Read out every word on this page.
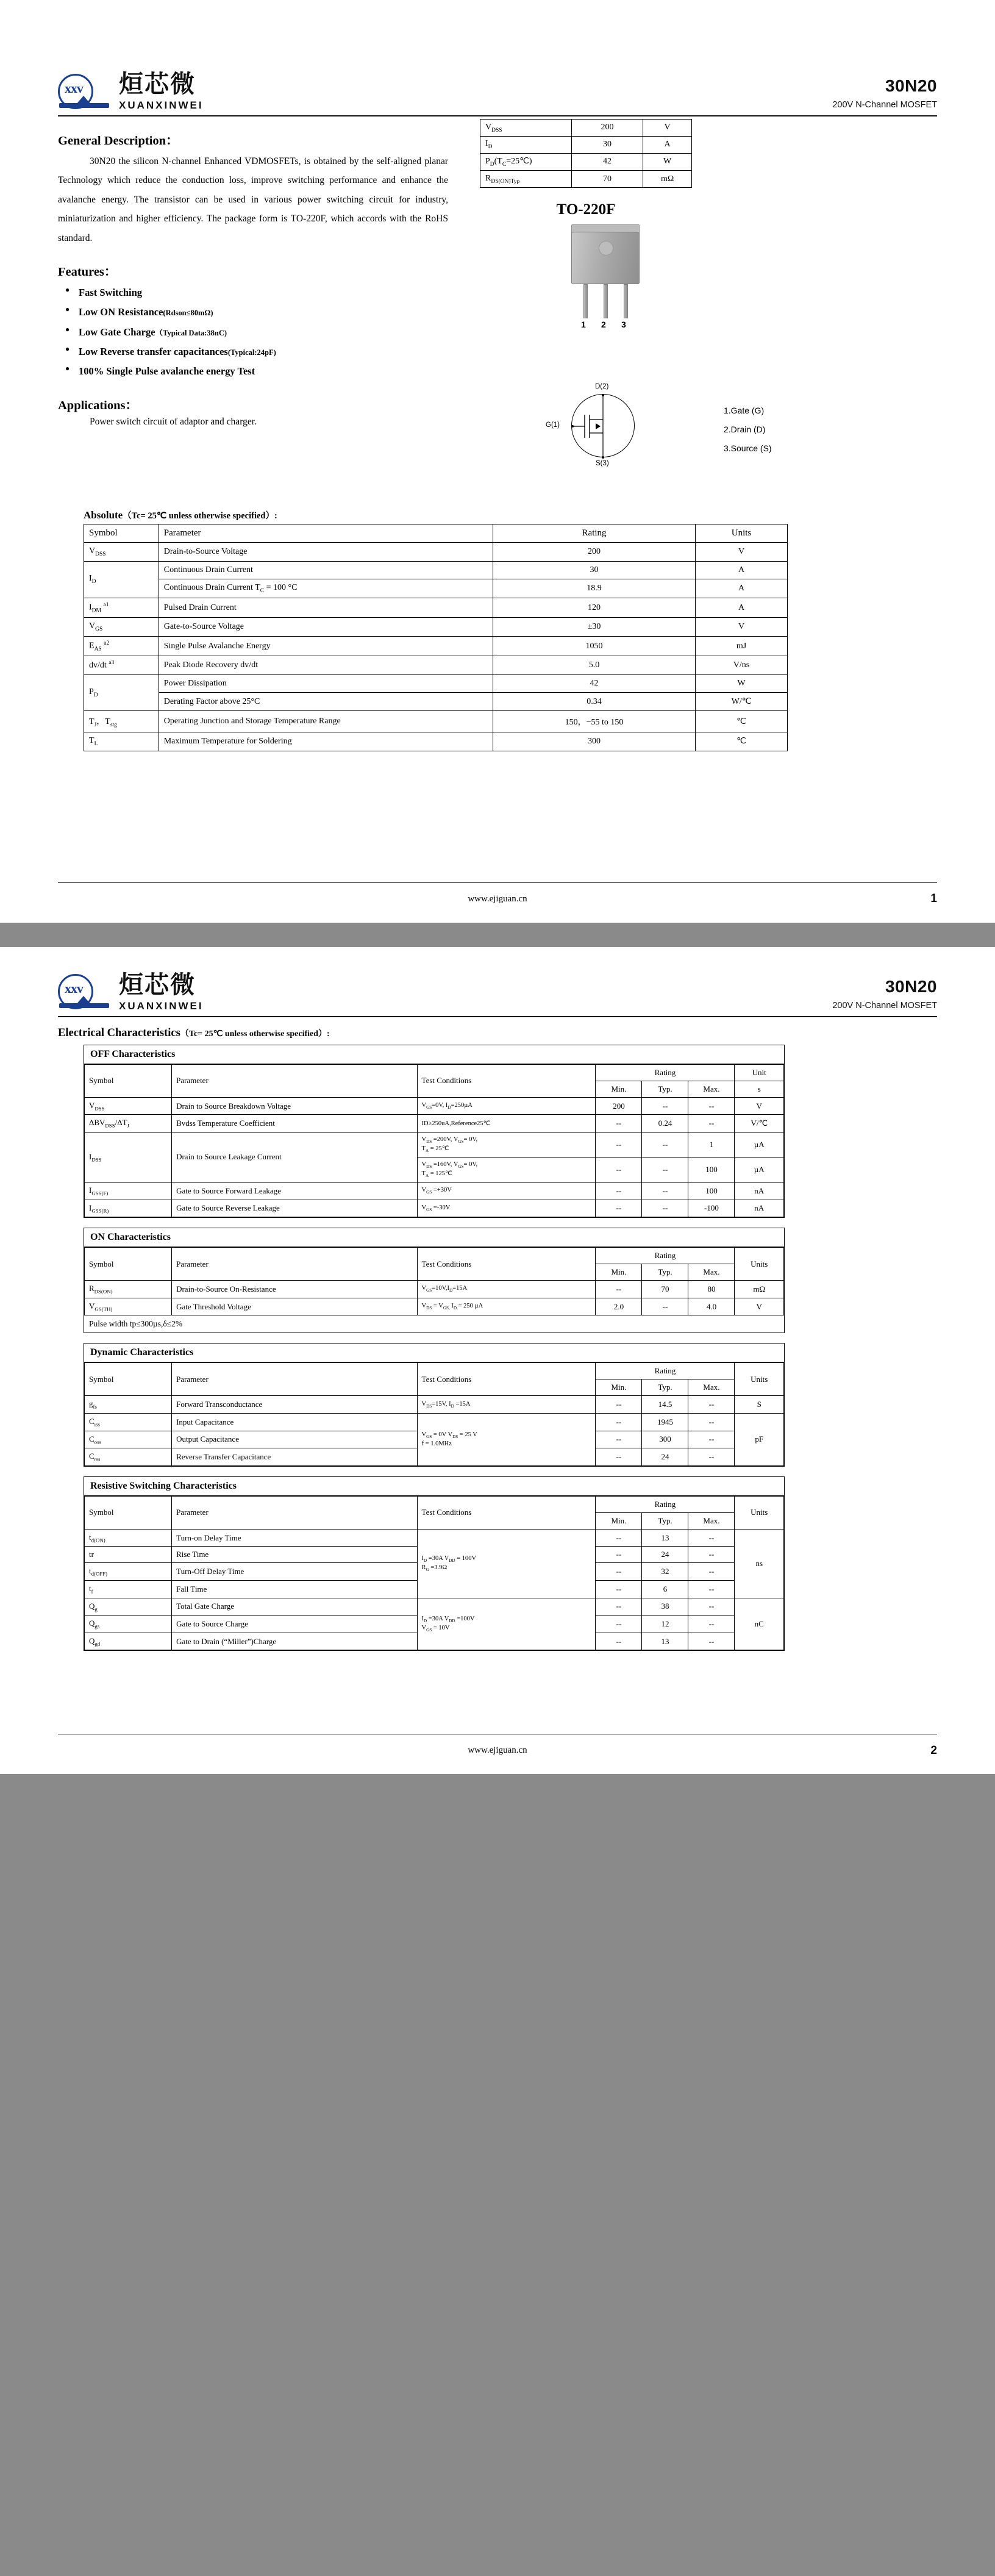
xxv 烜芯微
XUANXINWEI
30N20
200V N-Channel MOSFET
General Description：
30N20 the silicon N-channel Enhanced VDMOSFETs, is obtained by the self-aligned planar Technology which reduce the conduction loss, improve switching performance and enhance the avalanche energy. The transistor can be used in various power switching circuit for industry, miniaturization and higher efficiency. The package form is TO-220F, which accords with the RoHS standard.
Features：
● Fast Switching
● Low ON Resistance(Rdson≤80mΩ)
● Low Gate Charge（Typical Data:38nC)
● Low Reverse transfer capacitances(Typical:24pF)
● 100% Single Pulse avalanche energy Test
Applications：
Power switch circuit of adaptor and charger.
$V_{DSS}$	200	V
$I_D$	30	A
$P_D(T_C=25℃)$	42	W
$R_{DS(ON)Typ}$	70	mΩ
TO-220F
1 2 3
D(2)
G(1)
S(3)
1.Gate (G)
2.Drain (D)
3.Source (S)
Absolute（Tc= 25℃ unless otherwise specified）:
Symbol	Parameter	Rating	Units
$V_{DSS}$	Drain-to-Source Voltage	200	V
$I_D$	Continuous Drain Current	30	A
	Continuous Drain Current $T_C = 100$ °C	18.9	A
$I_{DM}$ $^{a1}$	Pulsed Drain Current	120	A
$V_{GS}$	Gate-to-Source Voltage	±30	V
$E_{AS}$ $^{a2}$	Single Pulse Avalanche Energy	1050	mJ
dv/dt $^{a3}$	Peak Diode Recovery dv/dt	5.0	V/ns
$P_D$	Power Dissipation	42	W
	Derating Factor above 25°C	0.34	W/℃
$T_J$，$T_{stg}$	Operating Junction and Storage Temperature Range	150，−55 to 150	℃
$T_L$	Maximum Temperature for Soldering	300	℃
www.ejiguan.cn	1
xxv 烜芯微
XUANXINWEI
30N20
200V N-Channel MOSFET
Electrical Characteristics（Tc= 25℃ unless otherwise specified）:
OFF Characteristics
Symbol	Parameter	Test Conditions	Rating			Unit
			Min.	Typ.	Max.	s
$V_{DSS}$	Drain to Source Breakdown Voltage	$V_{GS}=0V$, $I_D=250\mu A$	200	--	--	V
$\Delta BV_{DSS}/\Delta T_J$	Bvdss Temperature Coefficient	ID≥250uA,Reference25℃	--	0.24	--	V/℃
$I_{DSS}$	Drain to Source Leakage Current	$V_{DS} =200V$, $V_{GS}= 0V$,
$T_A$ = 25℃	--	--	1	µA
		$V_{DS} =160V$, $V_{GS}= 0V$,
$T_A$ = 125℃	--	--	100	µA
$I_{GSS(F)}$	Gate to Source Forward Leakage	$V_{GS} =+30V$	--	--	100	nA
$I_{GSS(R)}$	Gate to Source Reverse Leakage	$V_{GS} =-30V$	--	--	-100	nA
ON Characteristics
Symbol	Parameter	Test Conditions	Rating			Units
			Min.	Typ.	Max.	
$R_{DS(ON)}$	Drain-to-Source On-Resistance	$V_{GS}=10V,I_D=15A$	--	70	80	mΩ
$V_{GS(TH)}$	Gate Threshold Voltage	$V_{DS} = V_{GS,}$ $I_D = 250$ µA	2.0	--	4.0	V
Pulse width tp≤300µs,δ≤2%
Dynamic Characteristics
Symbol	Parameter	Test Conditions	Rating			Units
			Min.	Typ.	Max.	
$g_{fs}$	Forward Transconductance	$V_{DS}=15V$, $I_D =15A$	--	14.5	--	S
$C_{iss}$	Input Capacitance	$V_{GS} = 0V$ $V_{DS} = 25$ V
f = 1.0MHz	--	1945	--	pF
$C_{oss}$	Output Capacitance		--	300	--	
$C_{rss}$	Reverse Transfer Capacitance		--	24	--	
Resistive Switching Characteristics
Symbol	Parameter	Test Conditions	Rating			Units
			Min.	Typ.	Max.	
$t_{d(ON)}$	Turn-on Delay Time	$I_D =30A$ $V_{DD} = 100V$
$R_G =3.9\Omega$	--	13	--	ns
tr	Rise Time		--	24	--	
$t_{d(OFF)}$	Turn-Off Delay Time		--	32	--	
$t_f$	Fall Time		--	6	--	
$Q_g$	Total Gate Charge	$I_D =30A$ $V_{DD} =100V$
$V_{GS} = 10V$	--	38	--	nC
$Q_{gs}$	Gate to Source Charge		--	12	--	
$Q_{gd}$	Gate to Drain (“Miller”)Charge		--	13	--	
www.ejiguan.cn	2
